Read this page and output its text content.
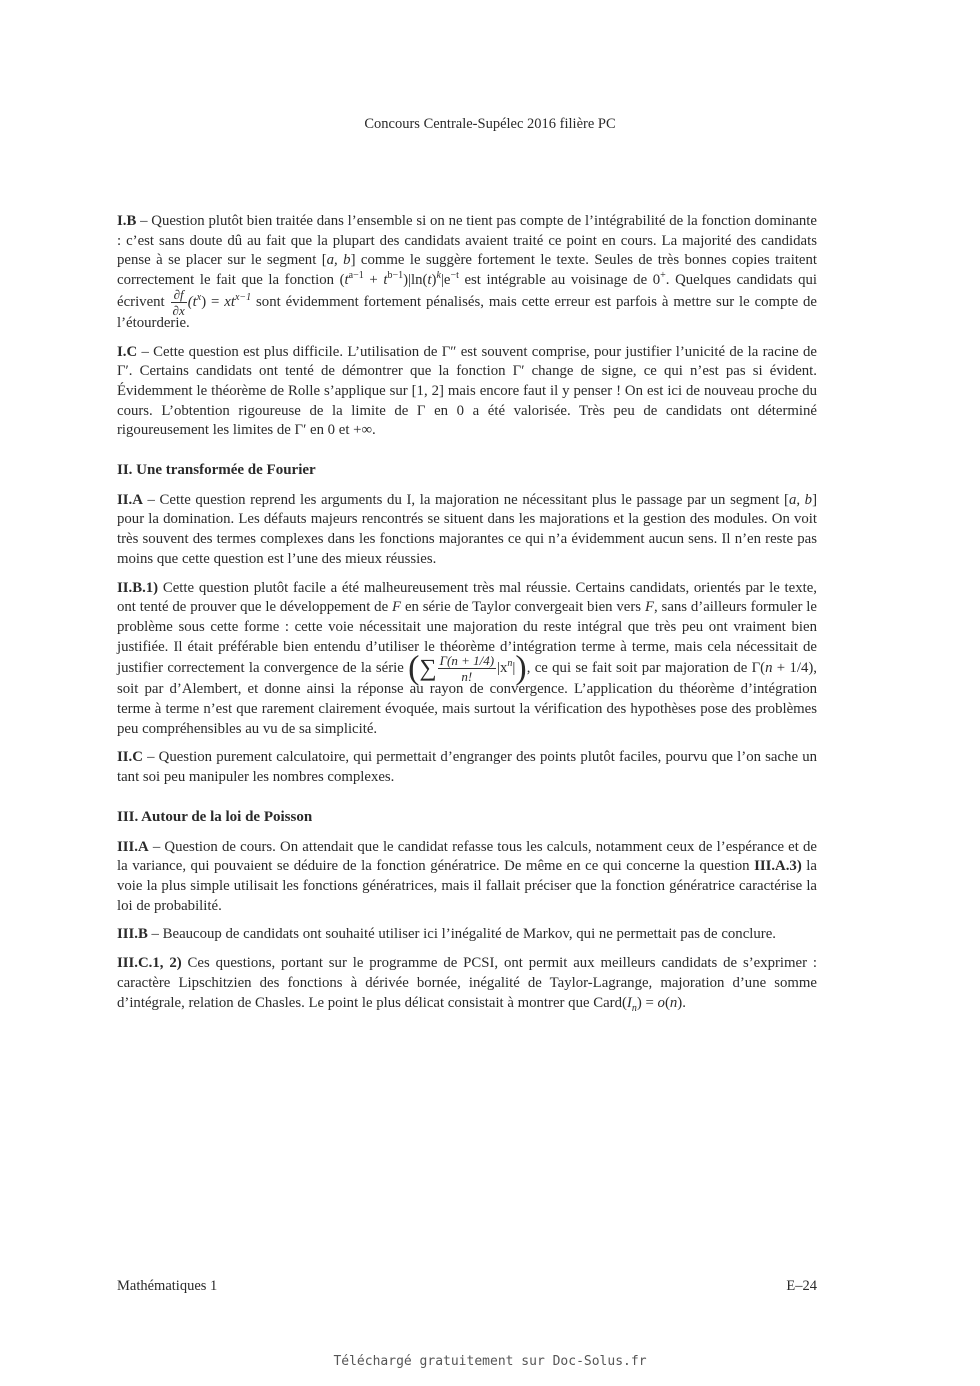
Concours Centrale-Supélec 2016 filière PC

I.B – Question plutôt bien traitée dans l’ensemble si on ne tient pas compte de l’intégrabilité de la fonction dominante : c’est sans doute dû au fait que la plupart des candidats avaient traité ce point en cours. La majorité des candidats pense à se placer sur le segment [a, b] comme le suggère fortement le texte. Seules de très bonnes copies traitent correctement le fait que la fonction $(t^{a-1} + t^{b-1})|\ln(t)^k|e^{-t}$ est intégrable au voisinage de 0+. Quelques candidats qui écrivent $\frac{\partial f}{\partial x} (t^x) = xt^{x-1}$ sont évidemment fortement pénalisés, mais cette erreur est parfois à mettre sur le compte de l’étourderie.

I.C – Cette question est plus difficile. L’utilisation de Γ″ est souvent comprise, pour justifier l’unicité de la racine de Γ′. Certains candidats ont tenté de démontrer que la fonction Γ′ change de signe, ce qui n’est pas si évident. Évidemment le théorème de Rolle s’applique sur [1, 2] mais encore faut il y penser ! On est ici de nouveau proche du cours. L’obtention rigoureuse de la limite de Γ en 0 a été valorisée. Très peu de candidats ont déterminé rigoureusement les limites de Γ′ en 0 et +∞.

II. Une transformée de Fourier

II.A – Cette question reprend les arguments du I, la majoration ne nécessitant plus le passage par un segment [a, b] pour la domination. Les défauts majeurs rencontrés se situent dans les majorations et la gestion des modules. On voit très souvent des termes complexes dans les fonctions majorantes ce qui n’a évidemment aucun sens. Il n’en reste pas moins que cette question est l’une des mieux réussies.

II.B.1) Cette question plutôt facile a été malheureusement très mal réussie. Certains candidats, orientés par le texte, ont tenté de prouver que le développement de F en série de Taylor convergeait bien vers F, sans d’ailleurs formuler le problème sous cette forme : cette voie nécessitait une majoration du reste intégral que très peu ont vraiment bien justifiée. Il était préférable bien entendu d’utiliser le théorème d’intégration terme à terme, mais cela nécessitait de justifier correctement la convergence de la série (∑ $\frac{\Gamma(n + 1/4)}{n!} |x^n|$), ce qui se fait soit par majoration de Γ(n + 1/4), soit par d’Alembert, et donne ainsi la réponse au rayon de convergence. L’application du théorème d’intégration terme à terme n’est que rarement clairement évoquée, mais surtout la vérification des hypothèses pose des problèmes peu compréhensibles au vu de sa simplicité.

II.C – Question purement calculatoire, qui permettait d’engranger des points plutôt faciles, pourvu que l’on sache un tant soi peu manipuler les nombres complexes.

III. Autour de la loi de Poisson

III.A – Question de cours. On attendait que le candidat refasse tous les calculs, notamment ceux de l’espérance et de la variance, qui pouvaient se déduire de la fonction génératrice. De même en ce qui concerne la question III.A.3) la voie la plus simple utilisait les fonctions génératrices, mais il fallait préciser que la fonction génératrice caractérise la loi de probabilité.

III.B – Beaucoup de candidats ont souhaité utiliser ici l’inégalité de Markov, qui ne permettait pas de conclure.

III.C.1, 2) Ces questions, portant sur le programme de PCSI, ont permit aux meilleurs candidats de s’exprimer : caractère Lipschitzien des fonctions à dérivée bornée, inégalité de Taylor-Lagrange, majoration d’une somme d’intégrale, relation de Chasles. Le point le plus délicat consistait à montrer que $Card(I_n) = o(n)$.

Mathématiques 1	E–24
Téléchargé gratuitement sur Doc-Solus.fr
